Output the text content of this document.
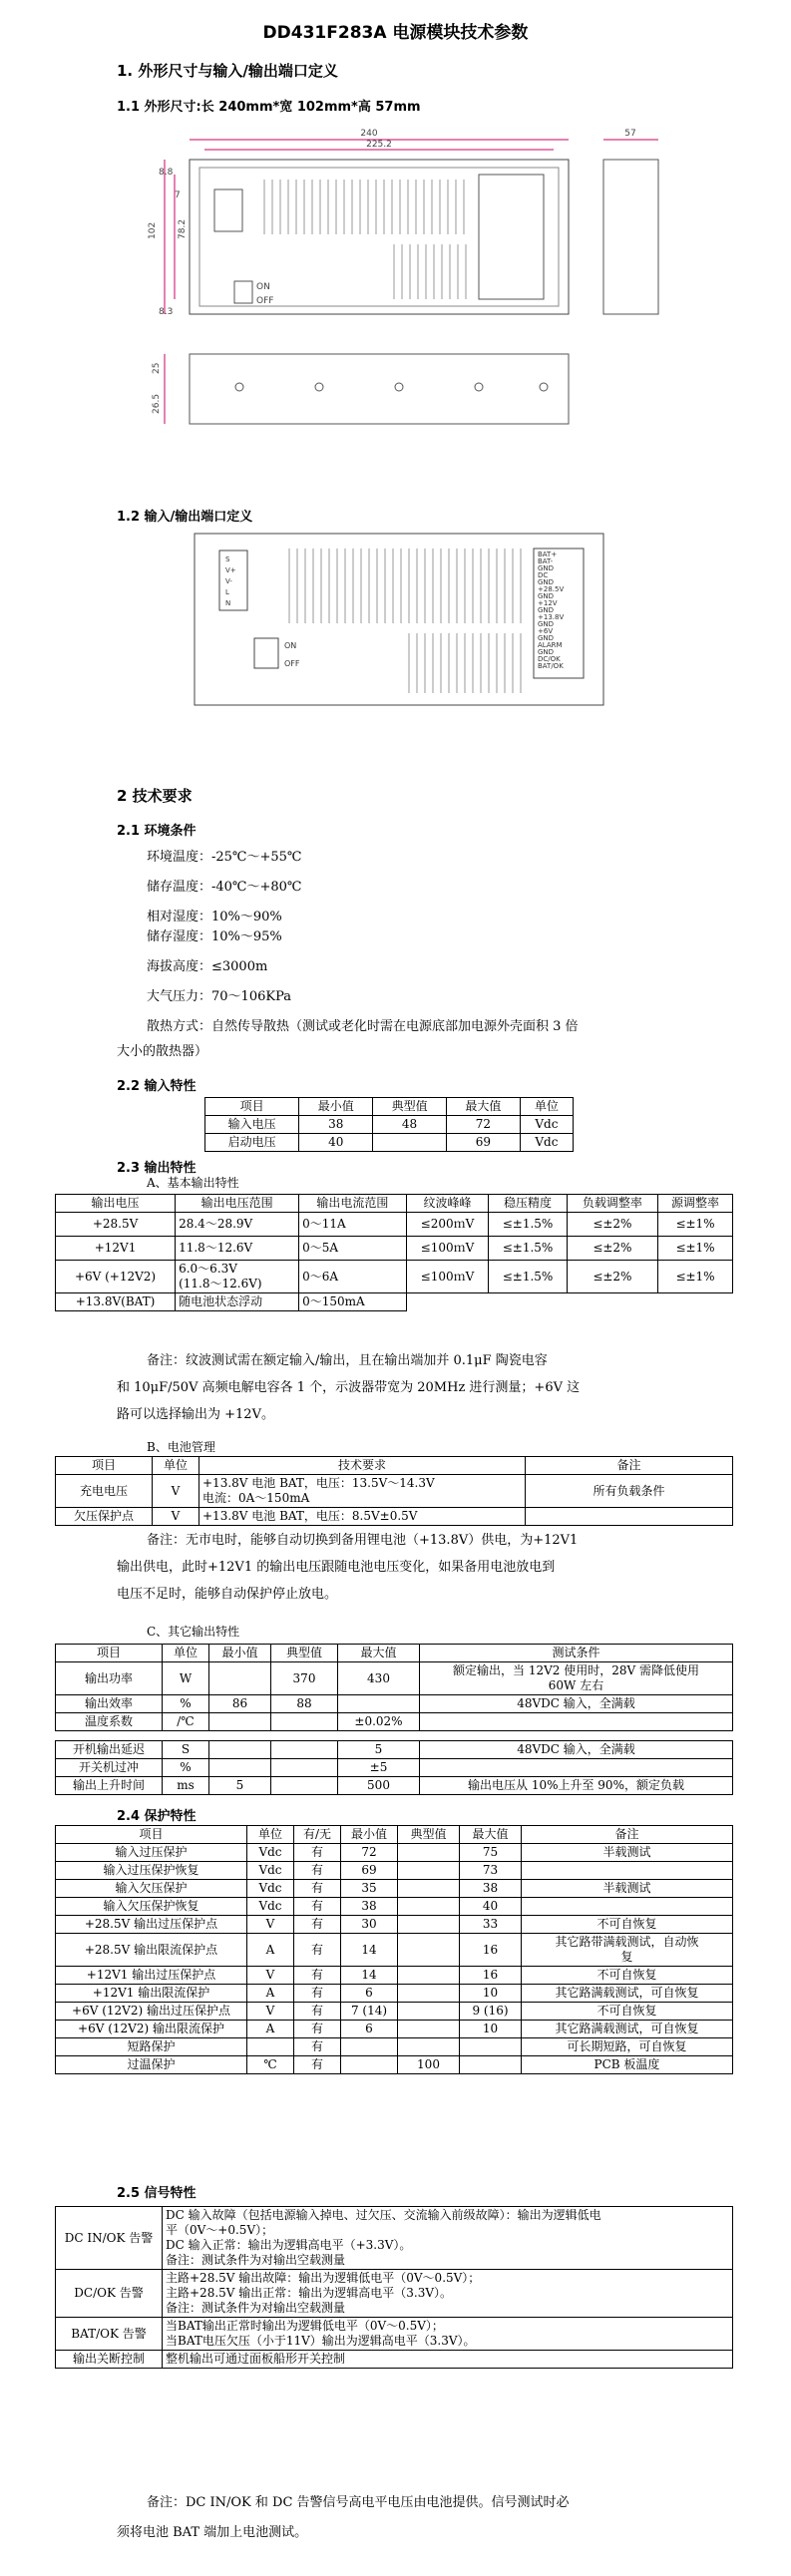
DD431F283A 电源模块技术参数
1. 外形尺寸与输入/输出端口定义
1.1 外形尺寸:长 240mm*宽 102mm*高 57mm
240
225.2
57
102 78.2
8.8
8.3
7
25
26.5
ON
OFF
1.2 输入/输出端口定义
S
V+
V-
L
N
ON
OFF
BAT+
BAT-
GND
DC
GND
+28.5V
GND
+12V
GND
+13.8V
GND
+6V
GND
ALARM
GND
DC/OK
BAT/OK
2 技术要求
2.1 环境条件
环境温度：-25℃～+55℃
储存温度：-40℃～+80℃
相对湿度：10%～90%
储存湿度：10%～95%
海拔高度：≤3000m
大气压力：70～106KPa
散热方式：自然传导散热（测试或老化时需在电源底部加电源外壳面积 3 倍
大小的散热器）
2.2 输入特性
项目	最小值	典型值	最大值	单位
输入电压	38	48	72	Vdc
启动电压	40		69	Vdc
2.3 输出特性
A、基本输出特性
输出电压	输出电压范围	输出电流范围	纹波峰峰	稳压精度	负载调整率	源调整率
+28.5V	28.4～28.9V	0～11A	≤200ｍV	≤±1.5%	≤±2%	≤±1%
+12V1	11.8～12.6V	0～5A	≤100ｍV	≤±1.5%	≤±2%	≤±1%
+6V (+12V2)	6.0～6.3V
(11.8～12.6V)	0～6A	≤100ｍV	≤±1.5%	≤±2%	≤±1%
+13.8V(BAT)	随电池状态浮动	0～150mA				
备注：纹波测试需在额定输入/输出，且在输出端加并 0.1μF 陶瓷电容
和 10μF/50V 高频电解电容各 1 个，示波器带宽为 20MHz 进行测量；+6V 这
路可以选择输出为 +12V。
B、电池管理
项目	单位	技术要求	备注
充电电压	V	+13.8V 电池 BAT，电压：13.5V～14.3V
电流：0A～150mA	所有负载条件
欠压保护点	V	+13.8V 电池 BAT，电压：8.5V±0.5V	
备注：无市电时，能够自动切换到备用锂电池（+13.8V）供电，为+12V1
输出供电，此时+12V1 的输出电压跟随电池电压变化，如果备用电池放电到
电压不足时，能够自动保护停止放电。
C、其它输出特性
项目	单位	最小值	典型值	最大值	测试条件
输出功率	W		370	430	额定输出，当 12V2 使用时，28V 需降低使用
60W 左右
输出效率	%	86	88		48VDC 输入，全满载
温度系数	/℃			±0.02%	
开机输出延迟	S			5	48VDC 输入，全满载
开关机过冲	%			±5	
输出上升时间	ms	5		500	输出电压从 10%上升至 90%，额定负载
2.4 保护特性
项目	单位	有/无	最小值	典型值	最大值	备注
输入过压保护	Vdc	有	72		75	半载测试
输入过压保护恢复	Vdc	有	69		73	
输入欠压保护	Vdc	有	35		38	半载测试
输入欠压保护恢复	Vdc	有	38		40	
+28.5V 输出过压保护点	V	有	30		33	不可自恢复
+28.5V 输出限流保护点	A	有	14		16	其它路带满载测试，自动恢
复
+12V1 输出过压保护点	V	有	14		16	不可自恢复
+12V1 输出限流保护	A	有	6		10	其它路满载测试，可自恢复
+6V (12V2) 输出过压保护点	V	有	7 (14)		9 (16)	不可自恢复
+6V (12V2) 输出限流保护	A	有	6		10	其它路满载测试，可自恢复
短路保护		有				可长期短路，可自恢复
过温保护	℃	有		100		PCB 板温度
2.5 信号特性
DC IN/OK 告警	DC 输入故障（包括电源输入掉电、过欠压、交流输入前级故障）：输出为逻辑低电
平（0V～+0.5V）；
DC 输入正常：输出为逻辑高电平（+3.3V）。
备注：测试条件为对输出空载测量
DC/OK 告警	主路+28.5V 输出故障：输出为逻辑低电平（0V～0.5V）；
主路+28.5V 输出正常：输出为逻辑高电平（3.3V）。
备注：测试条件为对输出空载测量
BAT/OK 告警	当BAT输出正常时输出为逻辑低电平（0V～0.5V）；
当BAT电压欠压（小于11V）输出为逻辑高电平（3.3V）。
输出关断控制	整机输出可通过面板船形开关控制
备注：DC IN/OK 和 DC 告警信号高电平电压由电池提供。信号测试时必
须将电池 BAT 端加上电池测试。
